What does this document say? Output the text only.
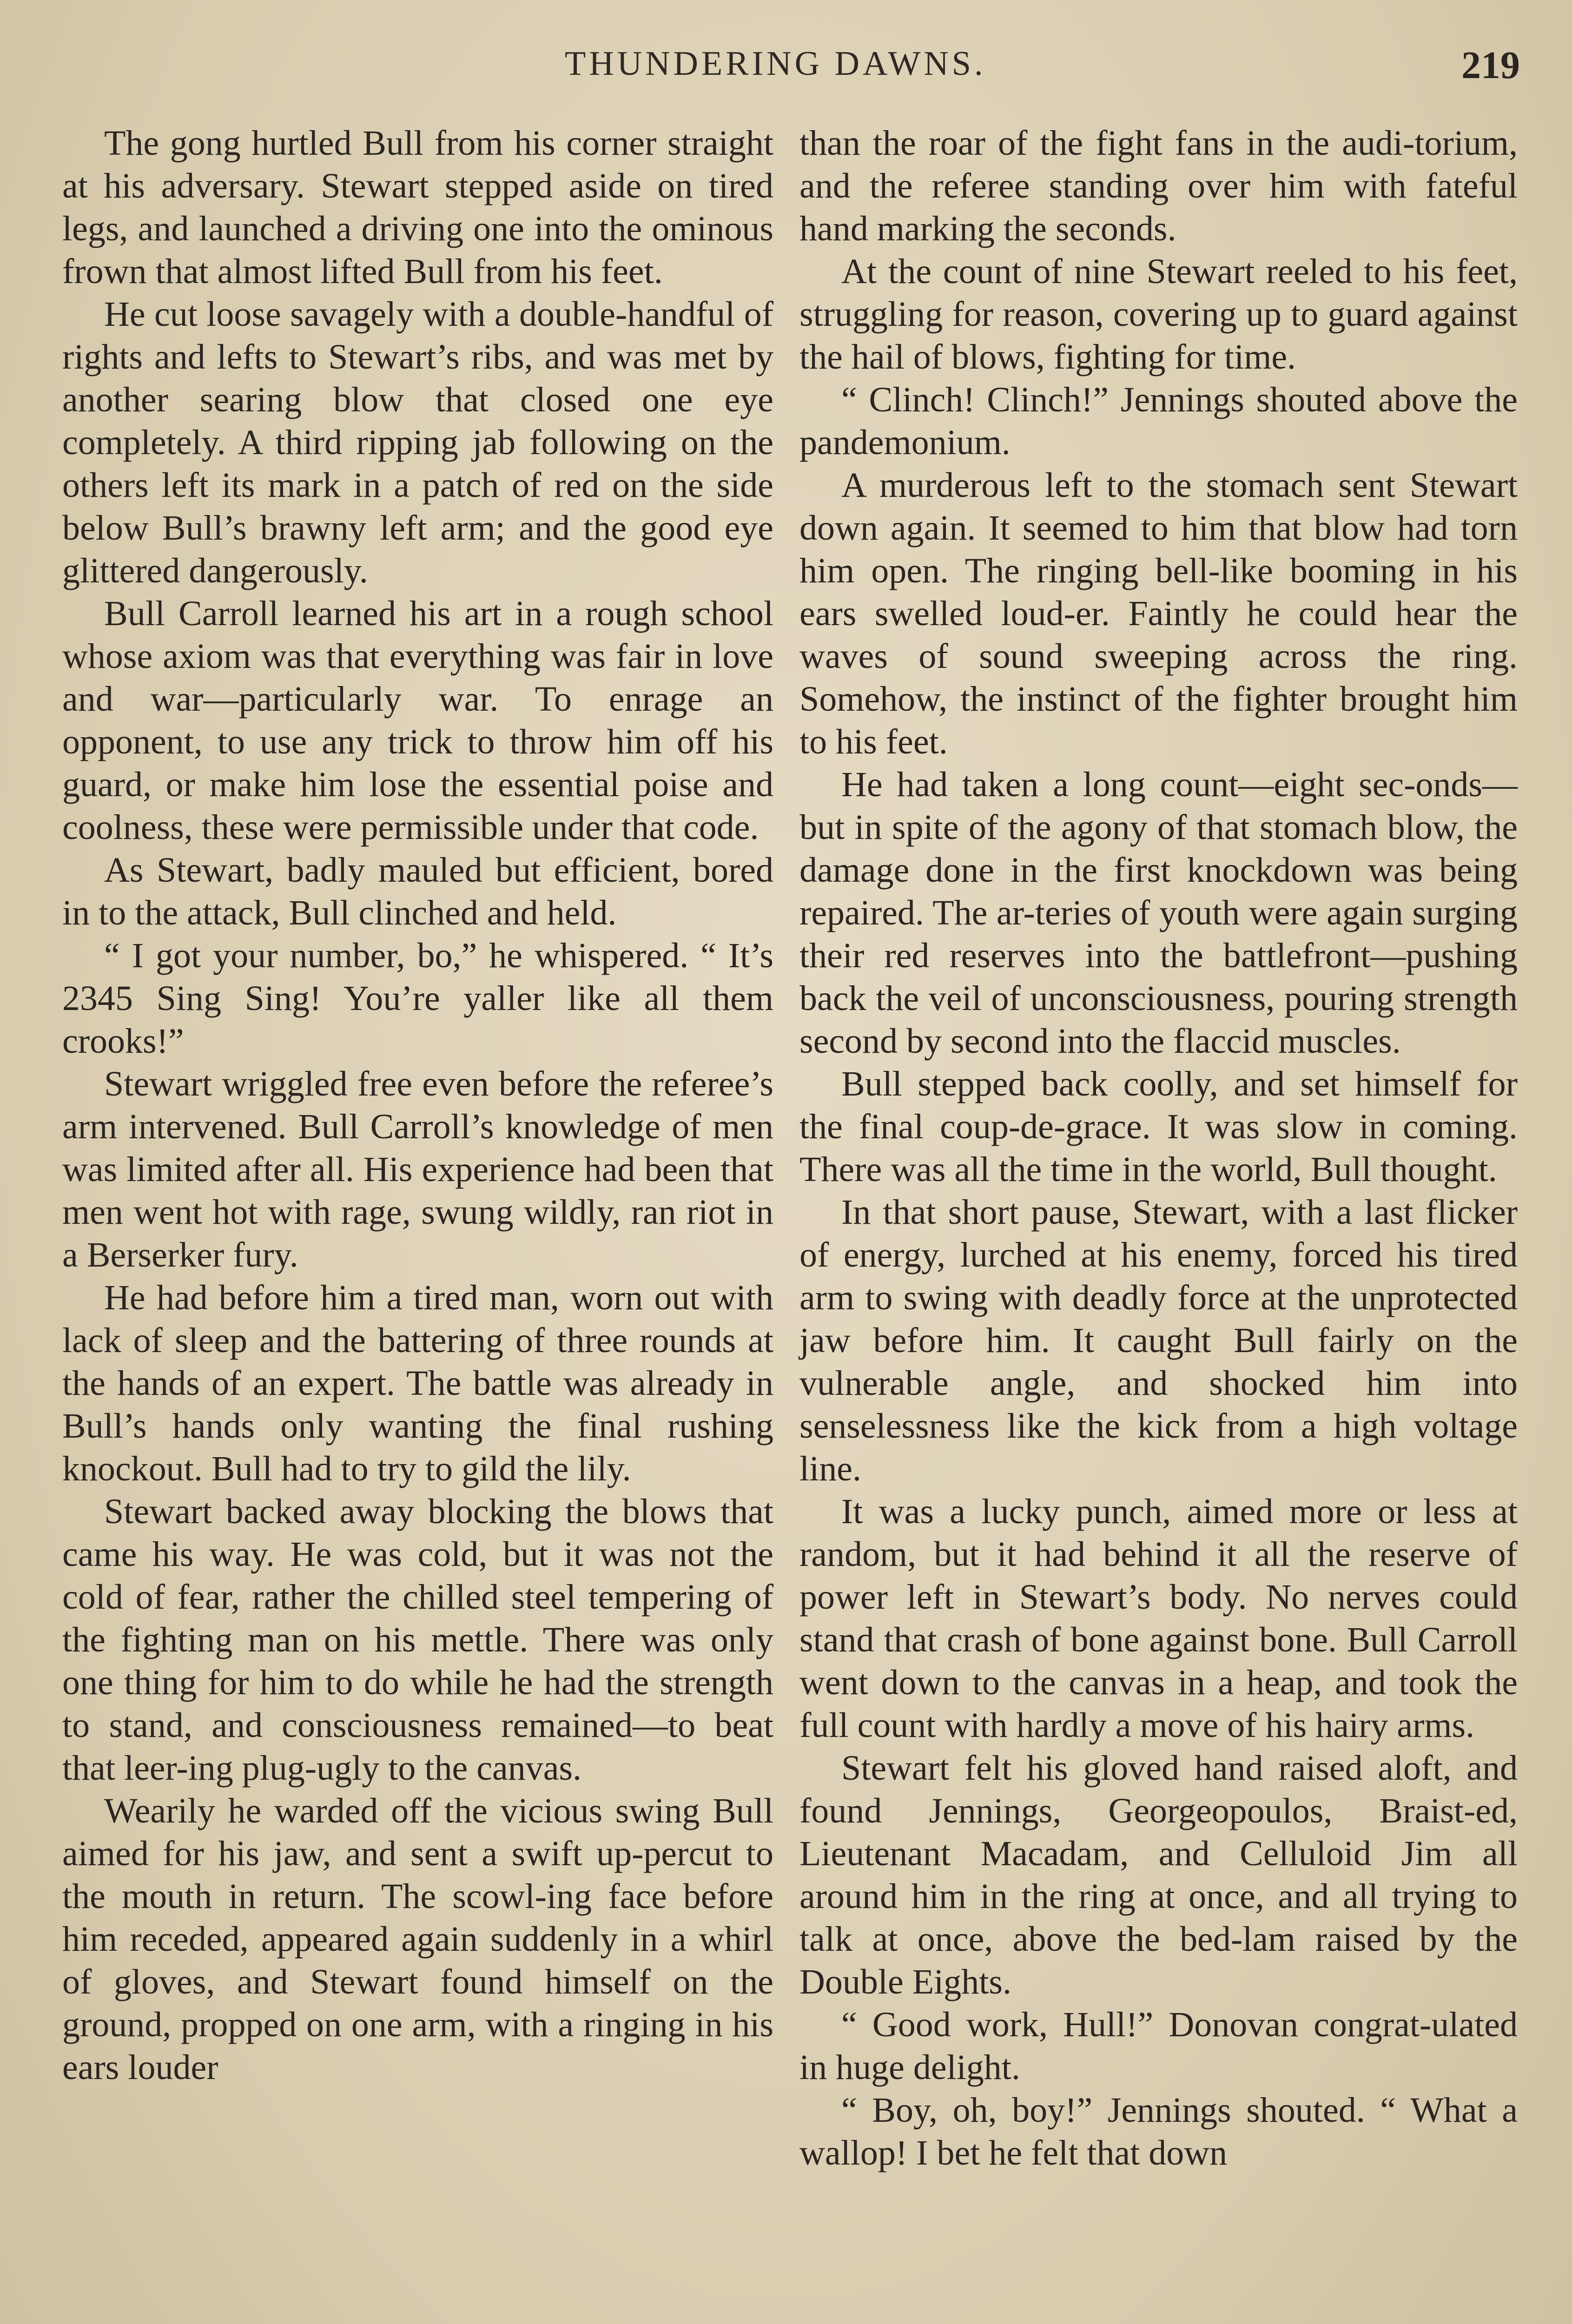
THUNDERING DAWNS.	219

The gong hurtled Bull from his corner straight at his adversary. Stewart stepped aside on tired legs, and launched a driving one into the ominous frown that almost lifted Bull from his feet.

He cut loose savagely with a double-handful of rights and lefts to Stewart’s ribs, and was met by another searing blow that closed one eye completely. A third ripping jab following on the others left its mark in a patch of red on the side below Bull’s brawny left arm; and the good eye glittered dangerously.

Bull Carroll learned his art in a rough school whose axiom was that everything was fair in love and war—particularly war. To enrage an opponent, to use any trick to throw him off his guard, or make him lose the essential poise and coolness, these were permissible under that code.

As Stewart, badly mauled but efficient, bored in to the attack, Bull clinched and held.

“ I got your number, bo,” he whispered. “ It’s 2345 Sing Sing! You’re yaller like all them crooks!”

Stewart wriggled free even before the referee’s arm intervened. Bull Carroll’s knowledge of men was limited after all. His experience had been that men went hot with rage, swung wildly, ran riot in a Berserker fury.

He had before him a tired man, worn out with lack of sleep and the battering of three rounds at the hands of an expert. The battle was already in Bull’s hands only wanting the final rushing knockout. Bull had to try to gild the lily.

Stewart backed away blocking the blows that came his way. He was cold, but it was not the cold of fear, rather the chilled steel tempering of the fighting man on his mettle. There was only one thing for him to do while he had the strength to stand, and consciousness remained—to beat that leer-ing plug-ugly to the canvas.

Wearily he warded off the vicious swing Bull aimed for his jaw, and sent a swift up-percut to the mouth in return. The scowl-ing face before him receded, appeared again suddenly in a whirl of gloves, and Stewart found himself on the ground, propped on one arm, with a ringing in his ears louder

than the roar of the fight fans in the audi-torium, and the referee standing over him with fateful hand marking the seconds.

At the count of nine Stewart reeled to his feet, struggling for reason, covering up to guard against the hail of blows, fighting for time.

“ Clinch! Clinch!” Jennings shouted above the pandemonium.

A murderous left to the stomach sent Stewart down again. It seemed to him that blow had torn him open. The ringing bell-like booming in his ears swelled loud-er. Faintly he could hear the waves of sound sweeping across the ring. Somehow, the instinct of the fighter brought him to his feet.

He had taken a long count—eight sec-onds—but in spite of the agony of that stomach blow, the damage done in the first knockdown was being repaired. The ar-teries of youth were again surging their red reserves into the battlefront—pushing back the veil of unconsciousness, pouring strength second by second into the flaccid muscles.

Bull stepped back coolly, and set himself for the final coup-de-grace. It was slow in coming. There was all the time in the world, Bull thought.

In that short pause, Stewart, with a last flicker of energy, lurched at his enemy, forced his tired arm to swing with deadly force at the unprotected jaw before him. It caught Bull fairly on the vulnerable angle, and shocked him into senselessness like the kick from a high voltage line.

It was a lucky punch, aimed more or less at random, but it had behind it all the reserve of power left in Stewart’s body. No nerves could stand that crash of bone against bone. Bull Carroll went down to the canvas in a heap, and took the full count with hardly a move of his hairy arms.

Stewart felt his gloved hand raised aloft, and found Jennings, Georgeopoulos, Braist-ed, Lieutenant Macadam, and Celluloid Jim all around him in the ring at once, and all trying to talk at once, above the bed-lam raised by the Double Eights.

“ Good work, Hull!” Donovan congrat-ulated in huge delight.

“ Boy, oh, boy!” Jennings shouted. “ What a wallop! I bet he felt that down
